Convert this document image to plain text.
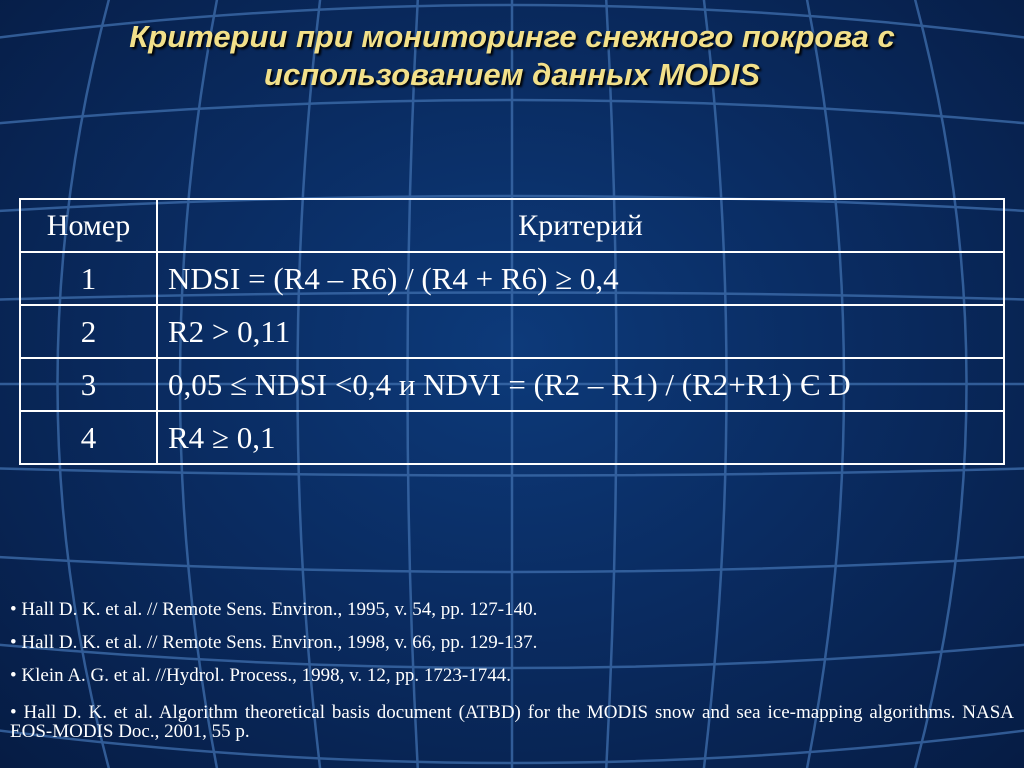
Критерии при мониторинге снежного покрова с
использованием данных MODIS
Номер	Критерий
1	NDSI = (R4 – R6) / (R4 + R6) ≥ 0,4
2	R2 > 0,11
3	0,05 ≤ NDSI <0,4 и NDVI = (R2 – R1) / (R2+R1) Є D
4	R4 ≥ 0,1

• Hall D. K. et al. // Remote Sens. Environ., 1995, v. 54, pp. 127-140.

• Hall D. K. et al. // Remote Sens. Environ., 1998, v. 66, pp. 129-137.

• Klein A. G. et al. //Hydrol. Process., 1998, v. 12, pp. 1723-1744.

• Hall D. K. et al. Algorithm theoretical basis document (ATBD) for the MODIS snow and sea ice-mapping algorithms. NASA EOS-MODIS Doc., 2001, 55 p.
